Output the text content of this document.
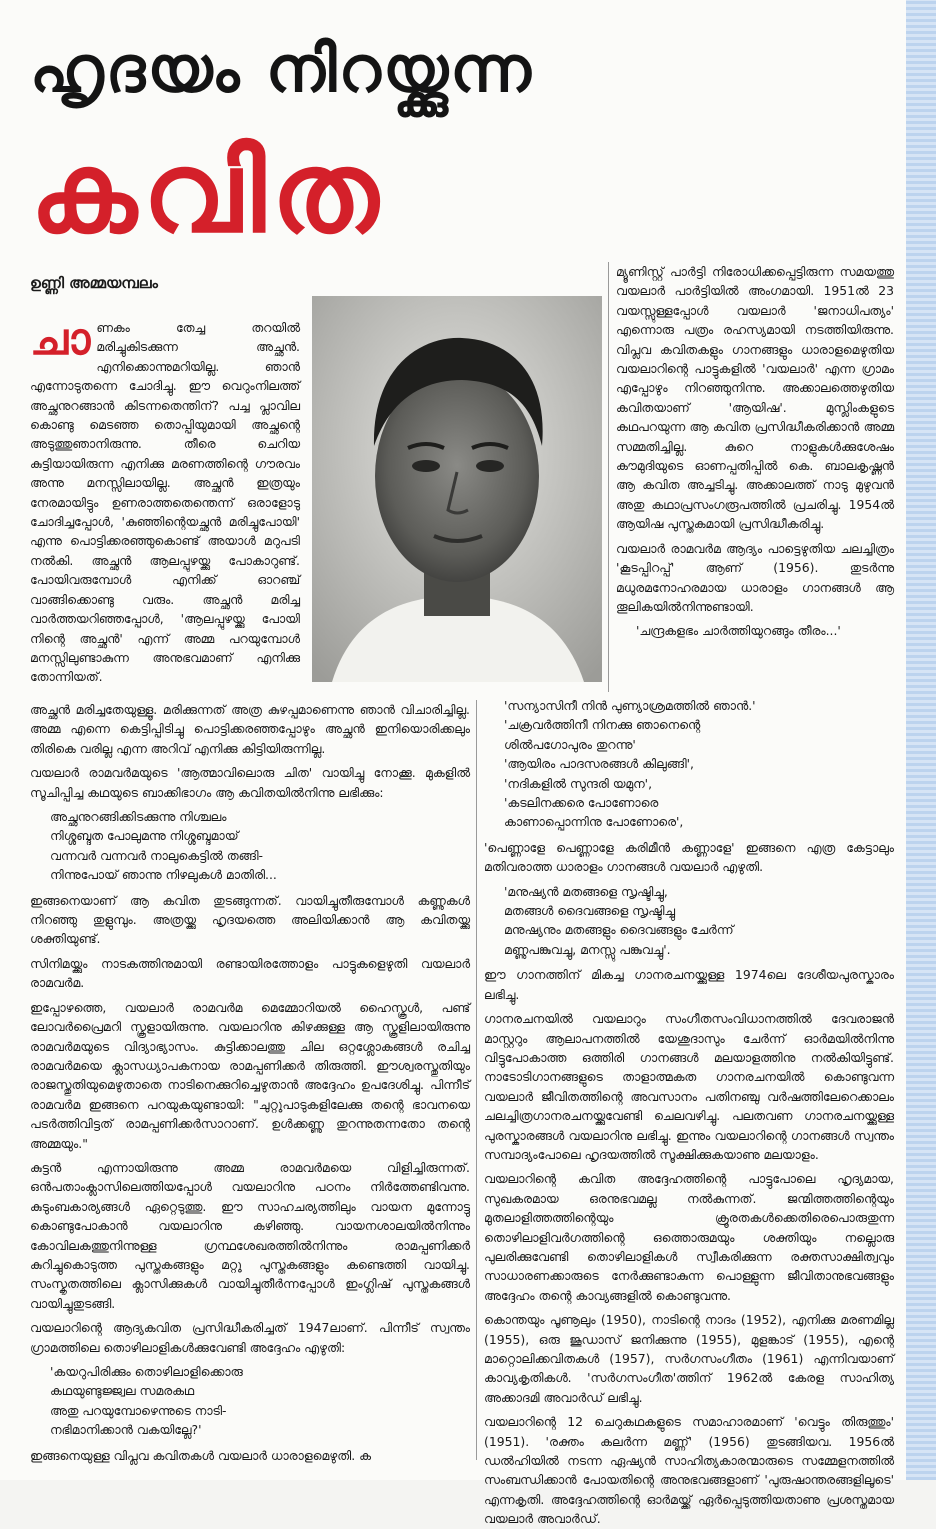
ഹൃദയം നിറയ്ക്കുന്ന
കവിത
ഉണ്ണി അമ്മയമ്പലം

ചാണകം തേച്ച തറയിൽ മരിച്ചുകിടക്കുന്ന അച്ഛൻ. എനിക്കൊന്നുമറിയില്ല. ഞാൻ എന്നോടുതന്നെ ചോദിച്ചു. ഈ വെറുംനിലത്ത് അച്ഛനുറങ്ങാൻ കിടന്നതെന്തിന്? പച്ച പ്ലാവില കൊണ്ടു മെടഞ്ഞ തൊപ്പിയുമായി അച്ഛന്റെ അടുത്തുഞാനിരുന്നു. തീരെ ചെറിയ കുട്ടിയായിരുന്ന എനിക്കു മരണത്തിന്റെ ഗൗരവം അന്നു മനസ്സിലായില്ല. അച്ഛൻ ഇത്രയും നേരമായിട്ടും ഉണരാത്തതെന്തെന്ന് ഒരാളോടു ചോദിച്ചപ്പോൾ, 'കുഞ്ഞിന്റെയച്ഛൻ മരിച്ചുപോയി' എന്നു പൊട്ടിക്കരഞ്ഞുകൊണ്ട് അയാൾ മറുപടി നൽകി. അച്ഛൻ ആലപ്പുഴയ്ക്കു പോകാറുണ്ട്. പോയിവരുമ്പോൾ എനിക്ക് ഓറഞ്ച് വാങ്ങിക്കൊണ്ടു വരും. അച്ഛൻ മരിച്ച വാർത്തയറിഞ്ഞപ്പോൾ, 'ആലപ്പുഴയ്ക്കു പോയി നിന്റെ അച്ഛൻ' എന്ന് അമ്മ പറയുമ്പോൾ മനസ്സിലുണ്ടാകുന്ന അനുഭവമാണ് എനിക്കു തോന്നിയത്.

മ്യൂണിസ്റ്റ് പാർട്ടി നിരോധിക്കപ്പെട്ടിരുന്ന സമയത്തു വയലാർ പാർട്ടിയിൽ അംഗമായി. 1951ൽ 23 വയസ്സുള്ളപ്പോൾ വയലാർ 'ജനാധിപത്യം' എന്നൊരു പത്രം രഹസ്യമായി നടത്തിയിരുന്നു. വിപ്ലവ കവിതകളും ഗാനങ്ങളും ധാരാളമെഴുതിയ വയലാറിന്റെ പാട്ടുകളിൽ 'വയലാർ' എന്ന ഗ്രാമം എപ്പോഴും നിറഞ്ഞുനിന്നു. അക്കാലത്തെഴുതിയ കവിതയാണ് 'ആയിഷ'. മുസ്ലിംകളുടെ കഥപറയുന്ന ആ കവിത പ്രസിദ്ധീകരിക്കാൻ അമ്മ സമ്മതിച്ചില്ല. കുറെ നാളുകൾക്കുശേഷം കൗമുദിയുടെ ഓണപ്പതിപ്പിൽ കെ. ബാലകൃഷ്ണൻ ആ കവിത അച്ചടിച്ചു. അക്കാലത്ത് നാടു മുഴുവൻ അതു കഥാപ്രസംഗരൂപത്തിൽ പ്രചരിച്ചു. 1954ൽ ആയിഷ പുസ്തകമായി പ്രസിദ്ധീകരിച്ചു.

വയലാർ രാമവർമ ആദ്യം പാട്ടെഴുതിയ ചലച്ചിത്രം 'കൂടപ്പിറപ്പ്' ആണ് (1956). തുടർന്നു മധുരമനോഹരമായ ധാരാളം ഗാനങ്ങൾ ആ തൂലികയിൽനിന്നുണ്ടായി.

'ചന്ദ്രകളഭം ചാർത്തിയുറങ്ങും തീരം...'

അച്ഛൻ മരിച്ചതേയുള്ളൂ. മരിക്കുന്നത് അത്ര കുഴപ്പമാണെന്നു ഞാൻ വിചാരിച്ചില്ല. അമ്മ എന്നെ കെട്ടിപ്പിടിച്ചു പൊട്ടിക്കരഞ്ഞപ്പോഴും അച്ഛൻ ഇനിയൊരിക്കലും തിരികെ വരില്ല എന്ന അറിവ് എനിക്കു കിട്ടിയിരുന്നില്ല.

വയലാർ രാമവർമയുടെ 'ആത്മാവിലൊരു ചിത' വായിച്ചു നോക്കൂ. മുകളിൽ സൂചിപ്പിച്ച കഥയുടെ ബാക്കിഭാഗം ആ കവിതയിൽനിന്നു ലഭിക്കും:

അച്ഛനുറങ്ങിക്കിടക്കുന്നു നിശ്ചലം
നിശ്ശബ്ദത പോലുമന്നു നിശ്ശബ്ദമായ്
വന്നവർ വന്നവർ നാലുകെട്ടിൽ തങ്ങി-
നിന്നുപോയ് ഞാന്നു നിഴലുകൾ മാതിരി...

ഇങ്ങനെയാണ് ആ കവിത തുടങ്ങുന്നത്. വായിച്ചുതീരുമ്പോൾ കണ്ണുകൾ നിറഞ്ഞു തുളുമ്പും. അത്രയ്ക്കു ഹൃദയത്തെ അലിയിക്കാൻ ആ കവിതയ്ക്കു ശക്തിയുണ്ട്.

സിനിമയ്ക്കും നാടകത്തിനുമായി രണ്ടായിരത്തോളം പാട്ടുകളെഴുതി വയലാർ രാമവർമ.

ഇപ്പോഴത്തെ, വയലാർ രാമവർമ മെമ്മോറിയൽ ഹൈസ്കൂൾ, പണ്ട് ലോവർപ്രൈമറി സ്കൂളായിരുന്നു. വയലാറിനു കിഴക്കുള്ള ആ സ്കൂളിലായിരുന്നു രാമവർമയുടെ വിദ്യാഭ്യാസം. കുട്ടിക്കാലത്തു ചില ഒറ്റശ്ലോകങ്ങൾ രചിച്ച രാമവർമയെ ക്ലാസധ്യാപകനായ രാമപ്പണിക്കർ തിരുത്തി. ഈശ്വരസ്തുതിയും രാജസ്തുതിയുമെഴുതാതെ നാടിനെക്കുറിച്ചെഴുതാൻ അദ്ദേഹം ഉപദേശിച്ചു. പിന്നീട് രാമവർമ ഇങ്ങനെ പറയുകയുണ്ടായി: "ചുറ്റുപാടുകളിലേക്കു തന്റെ ഭാവനയെ പടർത്തിവിട്ടത് രാമപ്പണിക്കർസാറാണ്. ഉൾക്കണ്ണു തുറന്നുതന്നതോ തന്റെ അമ്മയും."

കുട്ടൻ എന്നായിരുന്നു അമ്മ രാമവർമയെ വിളിച്ചിരുന്നത്. ഒൻപതാംക്ലാസിലെത്തിയപ്പോൾ വയലാറിനു പഠനം നിർത്തേണ്ടിവന്നു. കുടുംബകാര്യങ്ങൾ ഏറ്റെടുത്തു. ഈ സാഹചര്യത്തിലും വായന മുന്നോട്ടു കൊണ്ടുപോകാൻ വയലാറിനു കഴിഞ്ഞു. വായനശാലയിൽനിന്നും കോവിലകത്തുനിന്നുള്ള ഗ്രന്ഥശേഖരത്തിൽനിന്നും രാമപ്പണിക്കർ കുറിച്ചുകൊടുത്ത പുസ്തകങ്ങളും മറ്റു പുസ്തകങ്ങളും കണ്ടെത്തി വായിച്ചു. സംസ്കൃതത്തിലെ ക്ലാസിക്കുകൾ വായിച്ചുതീർന്നപ്പോൾ ഇംഗ്ലിഷ് പുസ്തകങ്ങൾ വായിച്ചുതുടങ്ങി.

വയലാറിന്റെ ആദ്യകവിത പ്രസിദ്ധീകരിച്ചത് 1947ലാണ്. പിന്നീട് സ്വന്തം ഗ്രാമത്തിലെ തൊഴിലാളികൾക്കുവേണ്ടി അദ്ദേഹം എഴുതി:

'കയറുപിരിക്കും തൊഴിലാളിക്കൊരു
കഥയുണ്ടുജ്ജ്വല സമരകഥ
അതു പറയുമ്പോഴെന്നുടെ നാടി-
നഭിമാനിക്കാൻ വകയില്ലേ?'

ഇങ്ങനെയുള്ള വിപ്ലവ കവിതകൾ വയലാർ ധാരാളമെഴുതി. ക

'സന്യാസിനീ നിൻ പുണ്യാശ്രമത്തിൽ ഞാൻ.'
'ചക്രവർത്തിനീ നിനക്കു ഞാനെന്റെ
ശിൽപഗോപുരം തുറന്നു'
'ആയിരം പാദസരങ്ങൾ കിലുങ്ങി',
'നദികളിൽ സുന്ദരി യമുന',
'കടലിനക്കരെ പോണോരെ
കാണാപ്പൊന്നിനു പോണോരെ',

'പെണ്ണാളേ പെണ്ണാളേ കരിമീൻ കണ്ണാളേ' ഇങ്ങനെ എത്ര കേട്ടാലും മതിവരാത്ത ധാരാളം ഗാനങ്ങൾ വയലാർ എഴുതി.

'മനുഷ്യൻ മതങ്ങളെ സൃഷ്ടിച്ചു,
മതങ്ങൾ ദൈവങ്ങളെ സൃഷ്ടിച്ചു
മനുഷ്യനും മതങ്ങളും ദൈവങ്ങളും ചേർന്ന്
മണ്ണുപങ്കുവച്ചു, മനസ്സു പങ്കുവച്ചു'.

ഈ ഗാനത്തിന് മികച്ച ഗാനരചനയ്ക്കുള്ള 1974ലെ ദേശീയപുരസ്കാരം ലഭിച്ചു.

ഗാനരചനയിൽ വയലാറും സംഗീതസംവിധാനത്തിൽ ദേവരാജൻ മാസ്റ്ററും ആലാപനത്തിൽ യേശുദാസും ചേർന്ന് ഓർമയിൽനിന്നു വിട്ടുപോകാത്ത ഒത്തിരി ഗാനങ്ങൾ മലയാളത്തിനു നൽകിയിട്ടുണ്ട്. നാടോടിഗാനങ്ങളുടെ താളാത്മകത ഗാനരചനയിൽ കൊണ്ടുവന്ന വയലാർ ജീവിതത്തിന്റെ അവസാനം പതിനഞ്ചു വർഷത്തിലേറെക്കാലം ചലച്ചിത്രഗാനരചനയ്ക്കുവേണ്ടി ചെലവഴിച്ചു. പലതവണ ഗാനരചനയ്ക്കുള്ള പുരസ്കാരങ്ങൾ വയലാറിനു ലഭിച്ചു. ഇന്നും വയലാറിന്റെ ഗാനങ്ങൾ സ്വന്തം സമ്പാദ്യംപോലെ ഹൃദയത്തിൽ സൂക്ഷിക്കുകയാണു മലയാളം.

വയലാറിന്റെ കവിത അദ്ദേഹത്തിന്റെ പാട്ടുപോലെ ഹൃദ്യമായ, സുഖകരമായ ഒരനുഭവമല്ല നൽകുന്നത്. ജന്മിത്തത്തിന്റെയും മുതലാളിത്തത്തിന്റെയും ക്രൂരതകൾക്കെതിരെപൊരുതുന്ന തൊഴിലാളിവർഗത്തിന്റെ ഒത്തൊരുമയും ശക്തിയും നല്ലൊരു പുലരിക്കുവേണ്ടി തൊഴിലാളികൾ സ്വീകരിക്കുന്ന രക്തസാക്ഷിത്വവും സാധാരണക്കാരുടെ നേർക്കുണ്ടാകുന്ന പൊള്ളുന്ന ജീവിതാനുഭവങ്ങളും അദ്ദേഹം തന്റെ കാവ്യങ്ങളിൽ കൊണ്ടുവന്നു.

കൊന്തയും പൂണൂലും (1950), നാടിന്റെ നാദം (1952), എനിക്കു മരണമില്ല (1955), ഒരു ജൂഡാസ് ജനിക്കുന്നു (1955), മുളങ്കാട് (1955), എന്റെ മാറ്റൊലിക്കവിതകൾ (1957), സർഗസംഗീതം (1961) എന്നിവയാണ് കാവ്യകൃതികൾ. 'സർഗസംഗീത'ത്തിന് 1962ൽ കേരള സാഹിത്യ അക്കാദമി അവാർഡ് ലഭിച്ചു.

വയലാറിന്റെ 12 ചെറുകഥകളുടെ സമാഹാരമാണ് 'വെട്ടും തിരുത്തും' (1951). 'രക്തം കലർന്ന മണ്ണ്' (1956) തുടങ്ങിയവ. 1956ൽ ഡൽഹിയിൽ നടന്ന ഏഷ്യൻ സാഹിത്യകാരന്മാരുടെ സമ്മേളനത്തിൽ സംബന്ധിക്കാൻ പോയതിന്റെ അനുഭവങ്ങളാണ് 'പുരുഷാന്തരങ്ങളിലൂടെ' എന്നകൃതി. അദ്ദേഹത്തിന്റെ ഓർമയ്ക്ക് ഏർപ്പെടുത്തിയതാണു പ്രശസ്തമായ വയലാർ അവാർഡ്.
